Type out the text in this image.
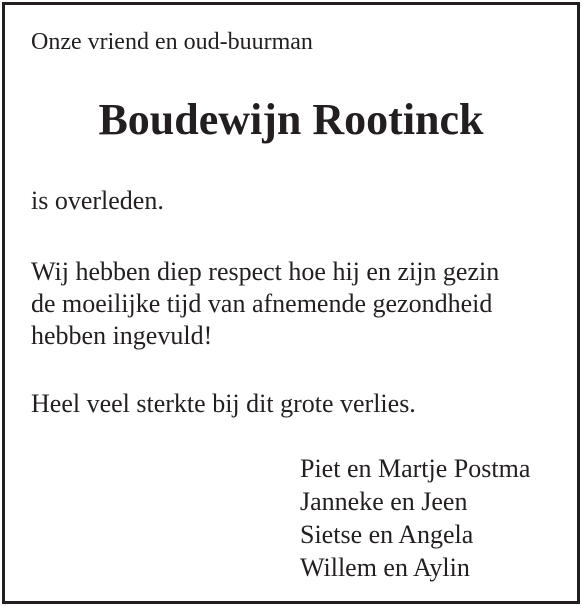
Onze vriend en oud-buurman
Boudewijn Rootinck
is overleden.
Wij hebben diep respect hoe hij en zijn gezin
de moeilijke tijd van afnemende gezondheid
hebben ingevuld!
Heel veel sterkte bij dit grote verlies.
Piet en Martje Postma
Janneke en Jeen
Sietse en Angela
Willem en Aylin
